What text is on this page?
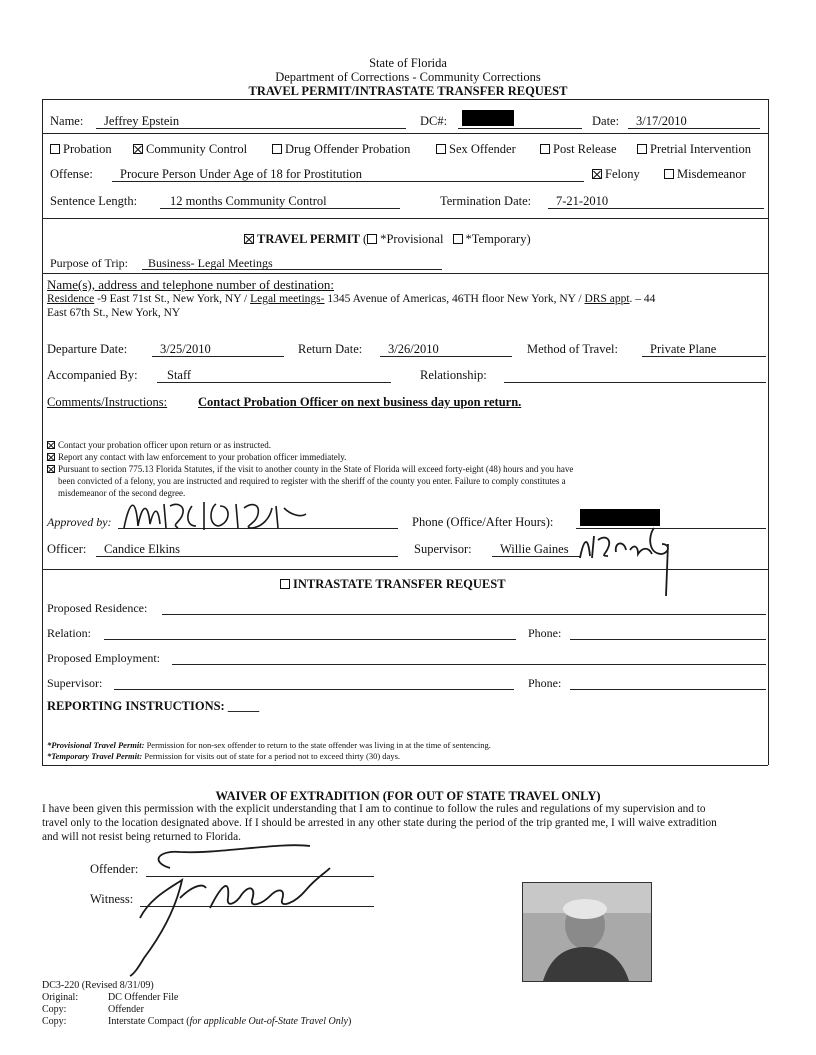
State of Florida
Department of Corrections - Community Corrections
TRAVEL PERMIT/INTRASTATE TRANSFER REQUEST
Name: Jeffrey Epstein	DC#:	Date: 3/17/2010
Probation	Community Control	Drug Offender Probation	Sex Offender	Post Release	Pretrial Intervention
Offense: Procure Person Under Age of 18 for Prostitution	Felony	Misdemeanor
Sentence Length:	12 months Community Control	Termination Date: 7-21-2010
TRAVEL PERMIT ( *Provisional *Temporary)
Purpose of Trip: Business- Legal Meetings
Name(s), address and telephone number of destination:
Residence -9 East 71st St., New York, NY / Legal meetings- 1345 Avenue of Americas, 46TH floor New York, NY / DRS appt. – 44
East 67th St., New York, NY
Departure Date:	3/25/2010	Return Date: 3/26/2010	Method of Travel:	Private Plane
Accompanied By: Staff	Relationship:
Comments/Instructions: Contact Probation Officer on next business day upon return.
Contact your probation officer upon return or as instructed.
Report any contact with law enforcement to your probation officer immediately.
Pursuant to section 775.13 Florida Statutes, if the visit to another county in the State of Florida will exceed forty-eight (48) hours and you have
been convicted of a felony, you are instructed and required to register with the sheriff of the county you enter. Failure to comply constitutes a
misdemeanor of the second degree.
Approved by:	Phone (Office/After Hours):
Officer: Candice Elkins	Supervisor: Willie Gaines
INTRASTATE TRANSFER REQUEST
Proposed Residence:
Relation:	Phone:
Proposed Employment:
Supervisor:	Phone:
REPORTING INSTRUCTIONS: _____
*Provisional Travel Permit: Permission for non-sex offender to return to the state offender was living in at the time of sentencing.
*Temporary Travel Permit: Permission for visits out of state for a period not to exceed thirty (30) days.
WAIVER OF EXTRADITION (FOR OUT OF STATE TRAVEL ONLY)
I have been given this permission with the explicit understanding that I am to continue to follow the rules and regulations of my supervision and to
travel only to the location designated above. If I should be arrested in any other state during the period of the trip granted me, I will waive extradition
and will not resist being returned to Florida.
Offender:
Witness:
DC3-220 (Revised 8/31/09)
Original:	DC Offender File
Copy:	Offender
Copy:	Interstate Compact (for applicable Out-of-State Travel Only)
